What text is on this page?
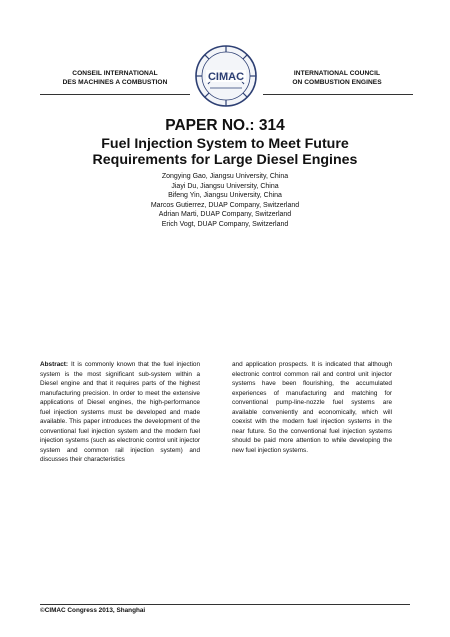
CONSEIL INTERNATIONAL
DES MACHINES A COMBUSTION	CIMAC	INTERNATIONAL COUNCIL
ON COMBUSTION ENGINES
PAPER NO.: 314
Fuel Injection System to Meet Future
Requirements for Large Diesel Engines
Zongying Gao, Jiangsu University, China
Jiayi Du, Jiangsu University, China
Bifeng Yin, Jiangsu University, China
Marcos Gutierrez, DUAP Company, Switzerland
Adrian Marti, DUAP Company, Switzerland
Erich Vogt, DUAP Company, Switzerland

Abstract: It is commonly known that the fuel injection system is the most significant sub-system within a Diesel engine and that it requires parts of the highest manufacturing precision. In order to meet the extensive applications of Diesel engines, the high-performance fuel injection systems must be developed and made available. This paper introduces the development of the conventional fuel injection system and the modern fuel injection systems (such as electronic control unit injector system and common rail injection system) and discusses their characteristics

and application prospects. It is indicated that although electronic control common rail and control unit injector systems have been flourishing, the accumulated experiences of manufacturing and matching for conventional pump-line-nozzle fuel systems are available conveniently and economically, which will coexist with the modern fuel injection systems in the near future. So the conventional fuel injection systems should be paid more attention to while developing the new fuel injection systems.

©CIMAC Congress 2013, Shanghai
